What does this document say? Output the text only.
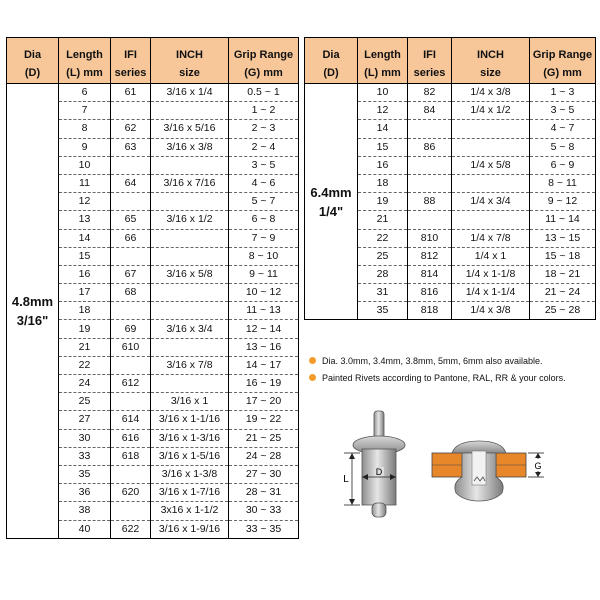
Dia	Length	IFI	INCH	Grip Range
(D)	(L) mm	series	size	(G) mm

4.8mm
3/16"	6	61	3/16 x 1/4	0.5 ~ 1
	7			1 ~ 2
	8	62	3/16 x 5/16	2 ~ 3
	9	63	3/16 x 3/8	2 ~ 4
	10			3 ~ 5
	11	64	3/16 x 7/16	4 ~ 6
	12			5 ~ 7
	13	65	3/16 x 1/2	6 ~ 8
	14	66		7 ~ 9
	15			8 ~ 10
	16	67	3/16 x 5/8	9 ~ 11
	17	68		10 ~ 12
	18			11 ~ 13
	19	69	3/16 x 3/4	12 ~ 14
	21	610		13 ~ 16
	22		3/16 x 7/8	14 ~ 17
	24	612		16 ~ 19
	25		3/16 x 1	17 ~ 20
	27	614	3/16 x 1-1/16	19 ~ 22
	30	616	3/16 x 1-3/16	21 ~ 25
	33	618	3/16 x 1-5/16	24 ~ 28
	35		3/16 x 1-3/8	27 ~ 30
	36	620	3/16 x 1-7/16	28 ~ 31
	38		3x16 x 1-1/2	30 ~ 33
	40	622	3/16 x 1-9/16	33 ~ 35
Dia	Length	IFI	INCH	Grip Range
(D)	(L) mm	series	size	(G) mm

6.4mm
1/4"	10	82	1/4 x 3/8	1 ~ 3
	12	84	1/4 x 1/2	3 ~ 5
	14			4 ~ 7
	15	86		5 ~ 8
	16		1/4 x 5/8	6 ~ 9
	18			8 ~ 11
	19	88	1/4 x 3/4	9 ~ 12
	21			11 ~ 14
	22	810	1/4 x 7/8	13 ~ 15
	25	812	1/4 x 1	15 ~ 18
	28	814	1/4 x 1-1/8	18 ~ 21
	31	816	1/4 x 1-1/4	21 ~ 24
	35	818	1/4 x 3/8	25 ~ 28
Dia. 3.0mm, 3.4mm, 3.8mm, 5mm, 6mm also available.
Painted Rivets according to Pantone, RAL, RR & your colors.
L
D
G
